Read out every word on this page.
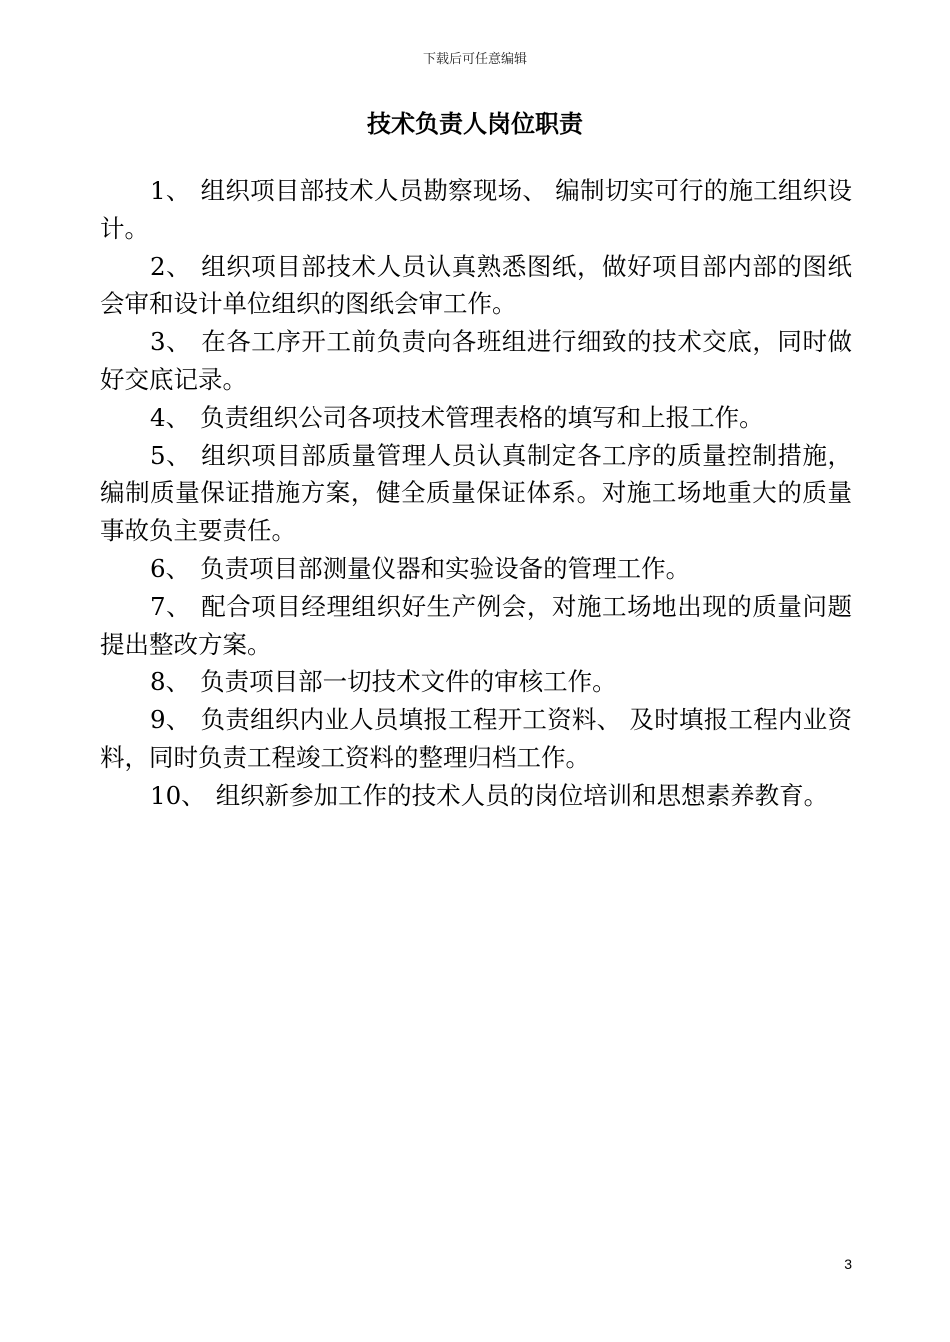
下载后可任意编辑
技术负责人岗位职责

1、 组织项目部技术人员勘察现场、 编制切实可行的施工组织设计。

2、 组织项目部技术人员认真熟悉图纸，做好项目部内部的图纸会审和设计单位组织的图纸会审工作。

3、 在各工序开工前负责向各班组进行细致的技术交底，同时做好交底记录。

4、 负责组织公司各项技术管理表格的填写和上报工作。

5、 组织项目部质量管理人员认真制定各工序的质量控制措施，编制质量保证措施方案，健全质量保证体系。对施工场地重大的质量事故负主要责任。

6、 负责项目部测量仪器和实验设备的管理工作。

7、 配合项目经理组织好生产例会，对施工场地出现的质量问题提出整改方案。

8、 负责项目部一切技术文件的审核工作。

9、 负责组织内业人员填报工程开工资料、 及时填报工程内业资料，同时负责工程竣工资料的整理归档工作。

10、 组织新参加工作的技术人员的岗位培训和思想素养教育。

3
